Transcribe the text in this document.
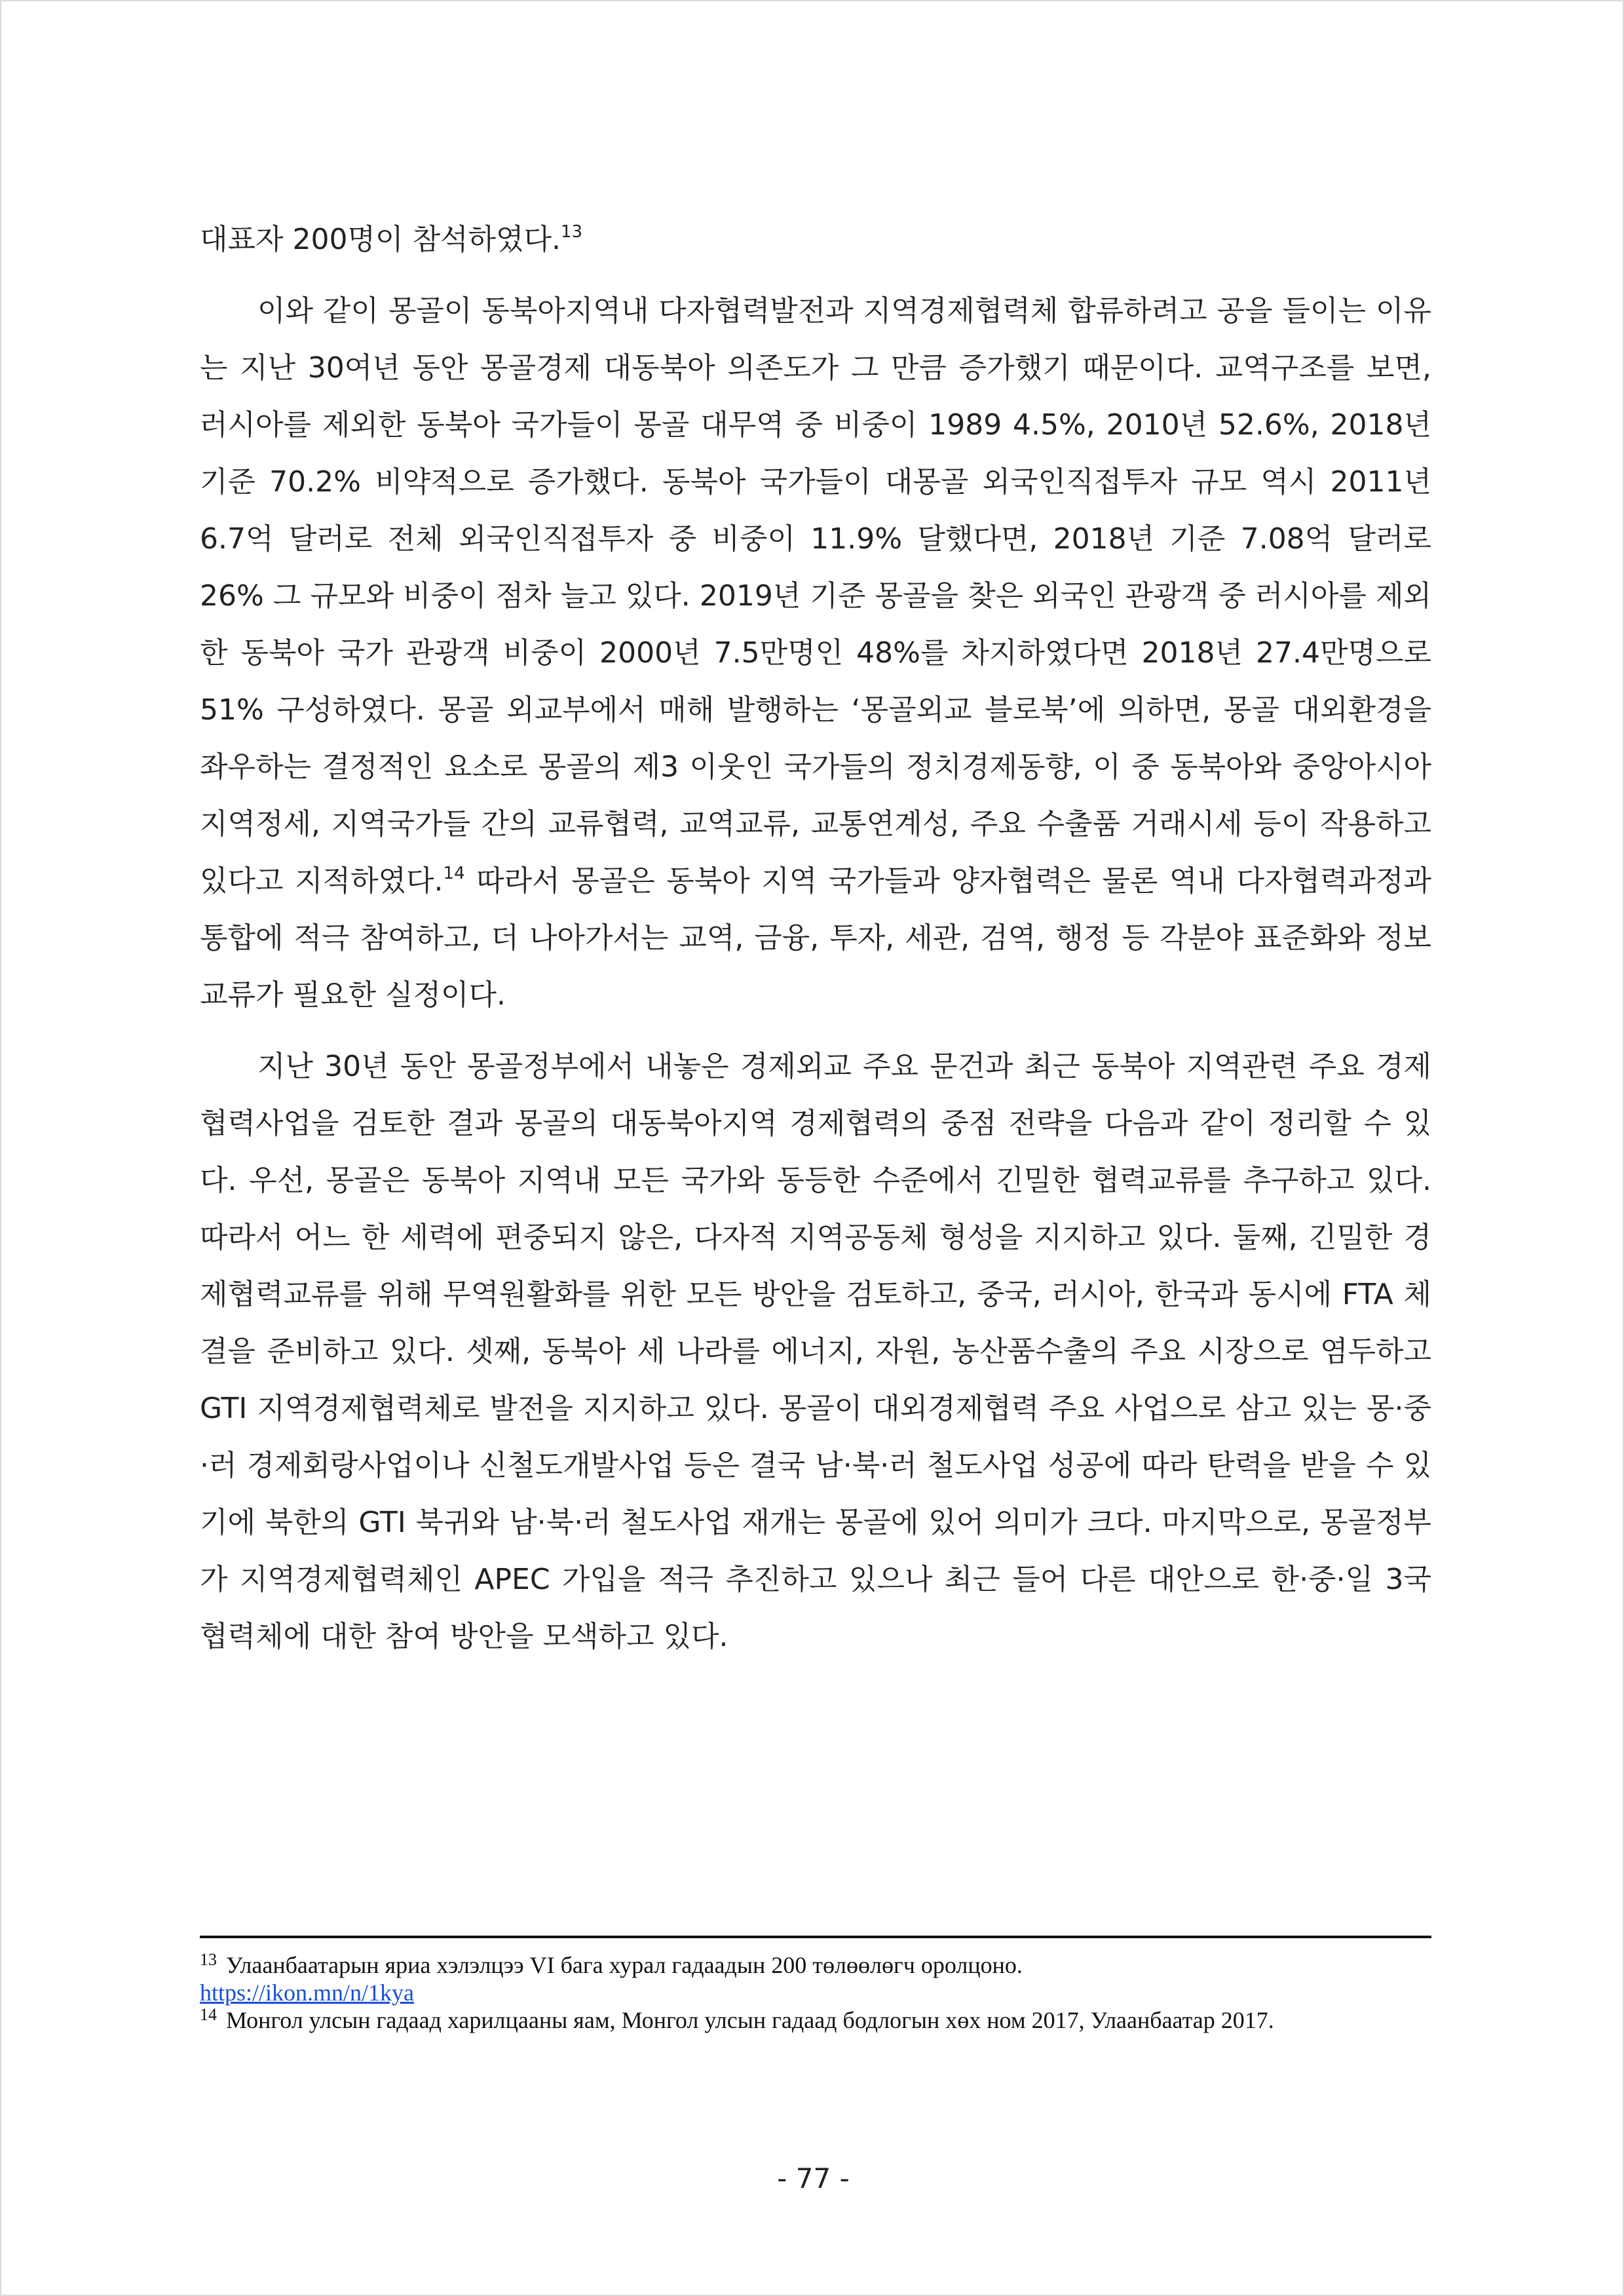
대표자 200명이 참석하였다.$^{13}$

이와 같이 몽골이 동북아지역내 다자협력발전과 지역경제협력체 합류하려고 공을 들이는 이유는 지난 30여년 동안 몽골경제 대동북아 의존도가 그 만큼 증가했기 때문이다. 교역구조를 보면, 러시아를 제외한 동북아 국가들이 몽골 대무역 중 비중이 1989 4.5%, 2010년 52.6%, 2018년 기준 70.2% 비약적으로 증가했다. 동북아 국가들이 대몽골 외국인직접투자 규모 역시 2011년 6.7억 달러로 전체 외국인직접투자 중 비중이 11.9% 달했다면, 2018년 기준 7.08억 달러로 26% 그 규모와 비중이 점차 늘고 있다. 2019년 기준 몽골을 찾은 외국인 관광객 중 러시아를 제외한 동북아 국가 관광객 비중이 2000년 7.5만명인 48%를 차지하였다면 2018년 27.4만명으로 51% 구성하였다. 몽골 외교부에서 매해 발행하는 ‘몽골외교 블로북’에 의하면, 몽골 대외환경을 좌우하는 결정적인 요소로 몽골의 제3 이웃인 국가들의 정치경제동향, 이 중 동북아와 중앙아시아 지역정세, 지역국가들 간의 교류협력, 교역교류, 교통연계성, 주요 수출품 거래시세 등이 작용하고 있다고 지적하였다.$^{14}$ 따라서 몽골은 동북아 지역 국가들과 양자협력은 물론 역내 다자협력과정과 통합에 적극 참여하고, 더 나아가서는 교역, 금융, 투자, 세관, 검역, 행정 등 각분야 표준화와 정보교류가 필요한 실정이다.

지난 30년 동안 몽골정부에서 내놓은 경제외교 주요 문건과 최근 동북아 지역관련 주요 경제협력사업을 검토한 결과 몽골의 대동북아지역 경제협력의 중점 전략을 다음과 같이 정리할 수 있다. 우선, 몽골은 동북아 지역내 모든 국가와 동등한 수준에서 긴밀한 협력교류를 추구하고 있다. 따라서 어느 한 세력에 편중되지 않은, 다자적 지역공동체 형성을 지지하고 있다. 둘째, 긴밀한 경제협력교류를 위해 무역원활화를 위한 모든 방안을 검토하고, 중국, 러시아, 한국과 동시에 FTA 체결을 준비하고 있다. 셋째, 동북아 세 나라를 에너지, 자원, 농산품수출의 주요 시장으로 염두하고 GTI 지역경제협력체로 발전을 지지하고 있다. 몽골이 대외경제협력 주요 사업으로 삼고 있는 몽·중·러 경제회랑사업이나 신철도개발사업 등은 결국 남·북·러 철도사업 성공에 따라 탄력을 받을 수 있기에 북한의 GTI 북귀와 남·북·러 철도사업 재개는 몽골에 있어 의미가 크다. 마지막으로, 몽골정부가 지역경제협력체인 APEC 가입을 적극 추진하고 있으나 최근 들어 다른 대안으로 한·중·일 3국 협력체에 대한 참여 방안을 모색하고 있다.

$^{13}$ Улаанбаатарын яриа хэлэлцээ VI бага хурал гадаадын 200 төлөөлөгч оролцоно.
https://ikon.mn/n/1kya

$^{14}$ Монгол улсын гадаад харилцааны яам, Монгол улсын гадаад бодлогын хөх ном 2017, Улаанбаатар 2017.

- 77 -
